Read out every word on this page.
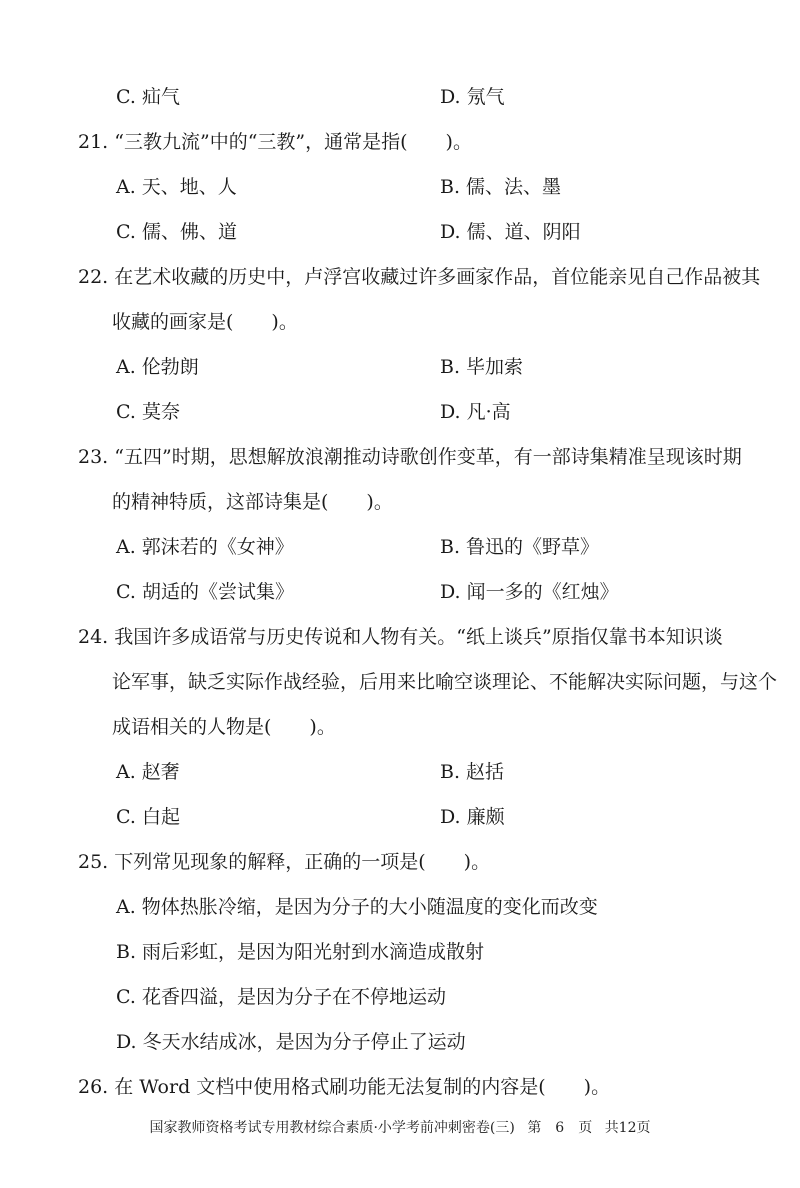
C. 疝气	D. 氖气
21. “三教九流”中的“三教”，通常是指(　　)。
A. 天、地、人	B. 儒、法、墨
C. 儒、佛、道	D. 儒、道、阴阳
22. 在艺术收藏的历史中，卢浮宫收藏过许多画家作品，首位能亲见自己作品被其
收藏的画家是(　　)。
A. 伦勃朗	B. 毕加索
C. 莫奈	D. 凡·高
23. “五四”时期，思想解放浪潮推动诗歌创作变革，有一部诗集精准呈现该时期
的精神特质，这部诗集是(　　)。
A. 郭沫若的《女神》	B. 鲁迅的《野草》
C. 胡适的《尝试集》	D. 闻一多的《红烛》
24. 我国许多成语常与历史传说和人物有关。“纸上谈兵”原指仅靠书本知识谈
论军事，缺乏实际作战经验，后用来比喻空谈理论、不能解决实际问题，与这个
成语相关的人物是(　　)。
A. 赵奢	B. 赵括
C. 白起	D. 廉颇
25. 下列常见现象的解释，正确的一项是(　　)。
A. 物体热胀冷缩，是因为分子的大小随温度的变化而改变
B. 雨后彩虹，是因为阳光射到水滴造成散射
C. 花香四溢，是因为分子在不停地运动
D. 冬天水结成冰，是因为分子停止了运动
26. 在 Word 文档中使用格式刷功能无法复制的内容是(　　)。
国家教师资格考试专用教材综合素质·小学考前冲刺密卷(三) 第　6　页 共12页
